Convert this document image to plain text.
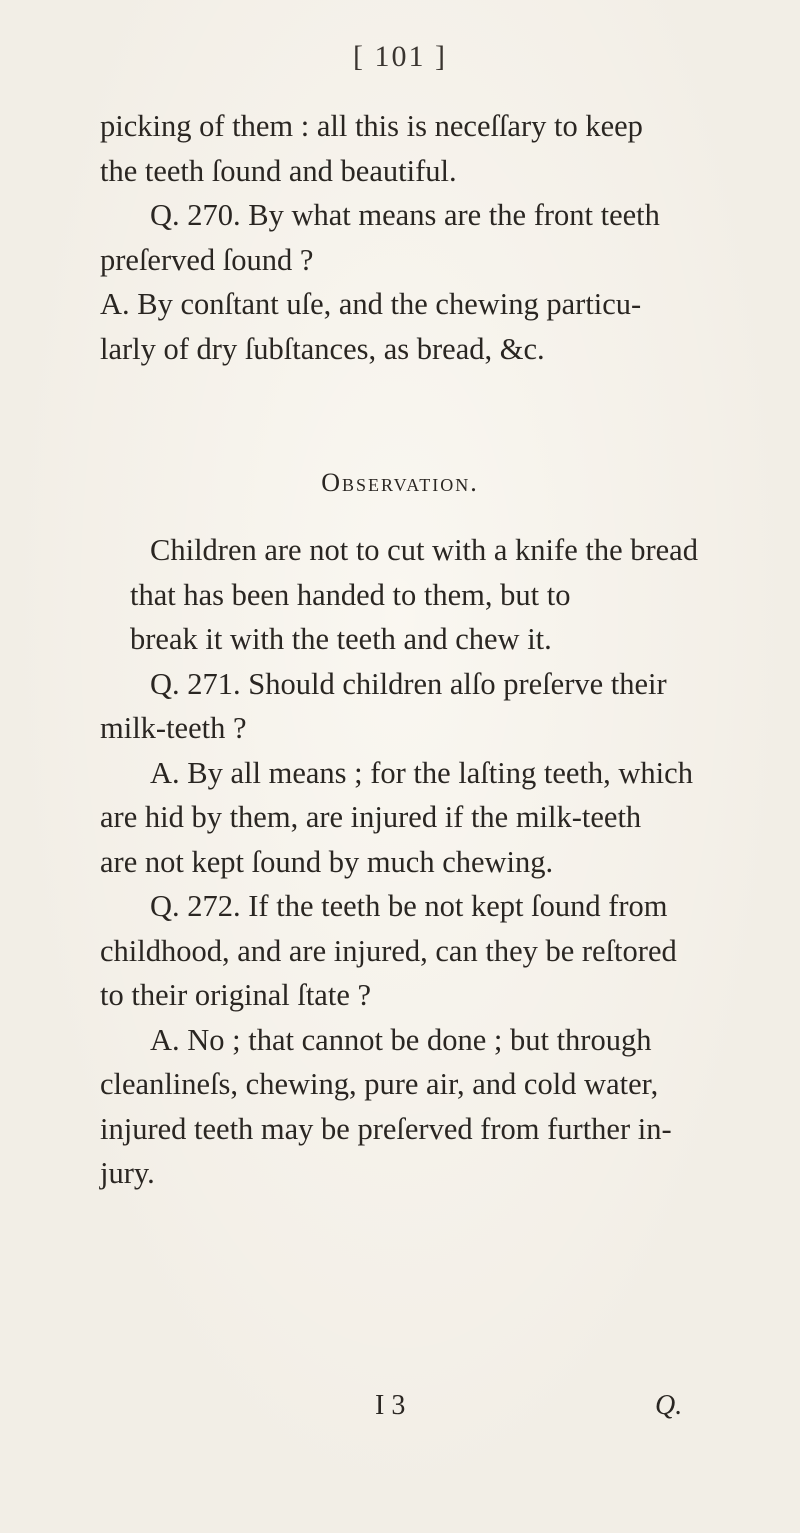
[ 101 ]
picking of them : all this is neceſſary to keep
the teeth ſound and beautiful.
Q. 270. By what means are the front teeth
preſerved ſound ?
A. By conſtant uſe, and the chewing particu-
larly of dry ſubſtances, as bread, &c.
Observation.
Children are not to cut with a knife the bread
that has been handed to them, but to
break it with the teeth and chew it.
Q. 271. Should children alſo preſerve their
milk-teeth ?
A. By all means ; for the laſting teeth, which
are hid by them, are injured if the milk-teeth
are not kept ſound by much chewing.
Q. 272. If the teeth be not kept ſound from
childhood, and are injured, can they be reſtored
to their original ſtate ?
A. No ; that cannot be done ; but through
cleanlineſs, chewing, pure air, and cold water,
injured teeth may be preſerved from further in-
jury.
I 3	Q.
